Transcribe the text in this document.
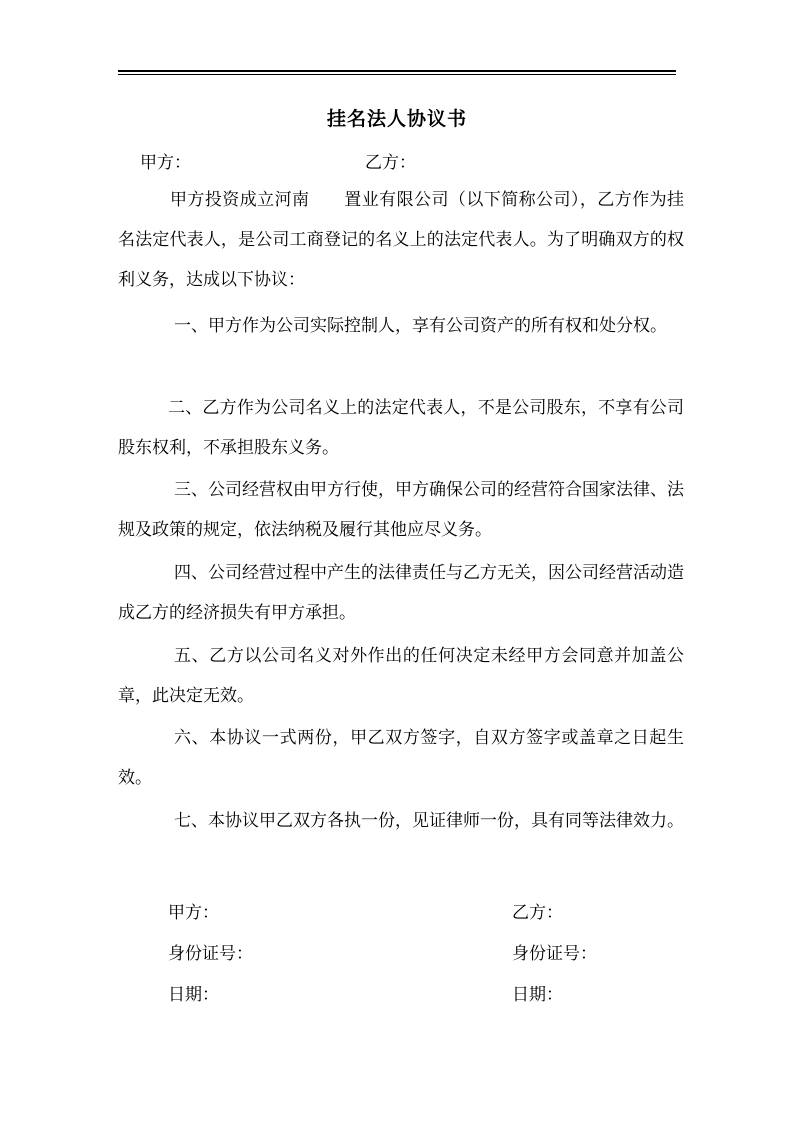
挂名法人协议书
甲方：	乙方：

甲方投资成立河南　　置业有限公司（以下简称公司），乙方作为挂名法定代表人，是公司工商登记的名义上的法定代表人。为了明确双方的权利义务，达成以下协议：

一、甲方作为公司实际控制人，享有公司资产的所有权和处分权。

二、乙方作为公司名义上的法定代表人，不是公司股东，不享有公司股东权利，不承担股东义务。

三、公司经营权由甲方行使，甲方确保公司的经营符合国家法律、法规及政策的规定，依法纳税及履行其他应尽义务。

四、公司经营过程中产生的法律责任与乙方无关，因公司经营活动造成乙方的经济损失有甲方承担。

五、乙方以公司名义对外作出的任何决定未经甲方会同意并加盖公章，此决定无效。

六、本协议一式两份，甲乙双方签字，自双方签字或盖章之日起生效。

七、本协议甲乙双方各执一份，见证律师一份，具有同等法律效力。

甲方：	乙方：
身份证号：	身份证号：
日期：	日期：
